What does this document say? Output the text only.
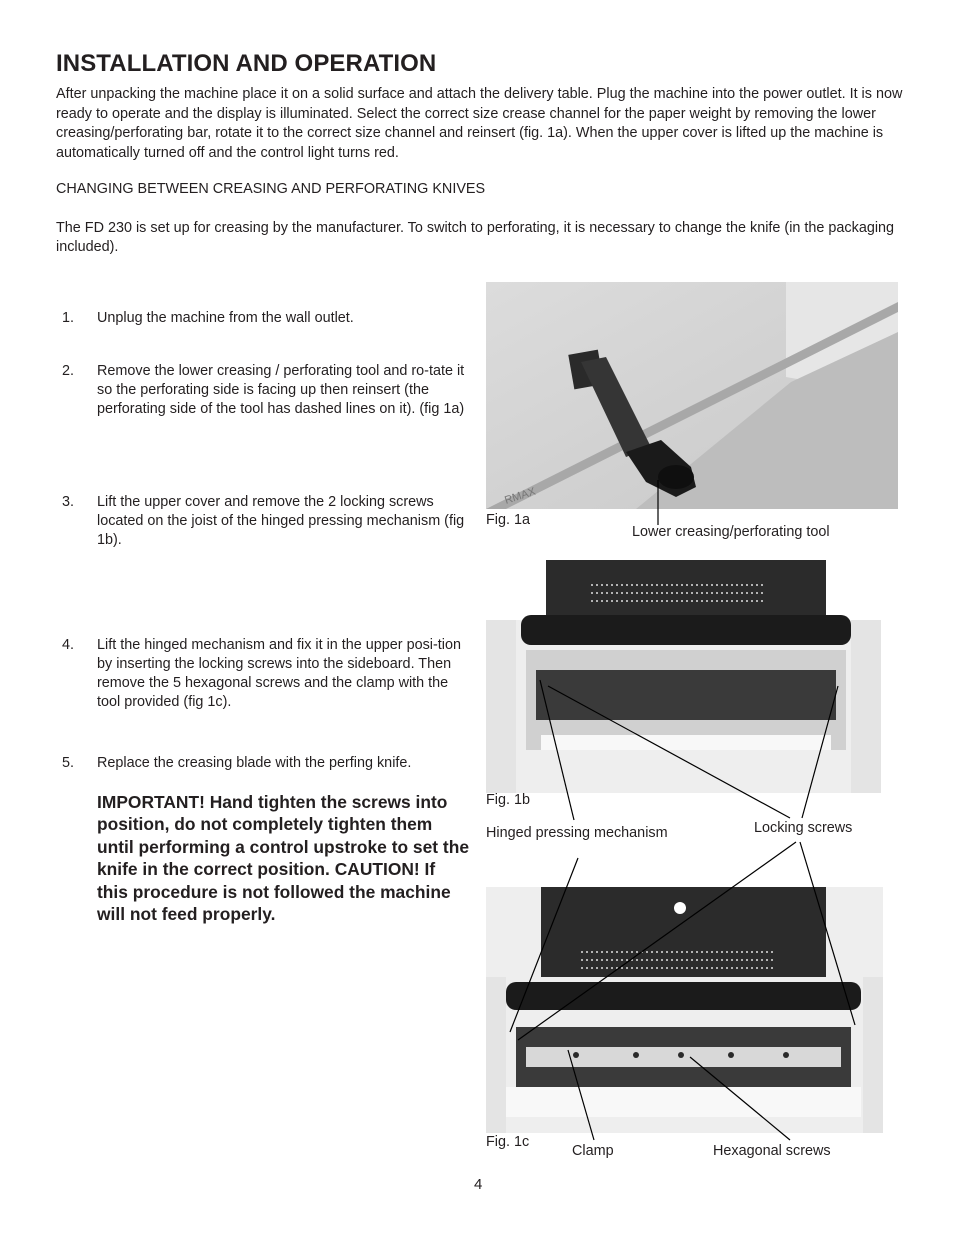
INSTALLATION AND OPERATION
After unpacking the machine place it on a solid surface and attach the delivery table. Plug the machine into the power outlet. It is now ready to operate and the display is illuminated. Select the correct size crease channel for the paper weight by removing the lower creasing/perforating bar, rotate it to the correct size channel and reinsert (fig. 1a). When the upper cover is lifted up the machine is automatically turned off and the control light turns red.
CHANGING BETWEEN CREASING AND PERFORATING KNIVES
The FD 230 is set up for creasing by the manufacturer. To switch to perforating, it is necessary to change the knife (in the packaging included).
1. Unplug the machine from the wall outlet.
2. Remove the lower creasing / perforating tool and ro-tate it so the perforating side is facing up then reinsert (the perforating side of the tool has dashed lines on it). (fig 1a)
3. Lift the upper cover and remove the 2 locking screws located on the joist of the hinged pressing mechanism (fig 1b).
4. Lift the hinged mechanism and fix it in the upper posi-tion by inserting the locking screws into the sideboard. Then remove the 5 hexagonal screws and the clamp with the tool provided (fig 1c).
5. Replace the creasing blade with the perfing knife.
IMPORTANT! Hand tighten the screws into position, do not completely tighten them until performing a control upstroke to set the knife in the correct position. CAUTION! If this procedure is not followed the machine will not feed properly.
RMAX
Fig. 1a
Lower creasing/perforating tool
Fig. 1b
Hinged pressing mechanism	Locking screws
Fig. 1c
Clamp	Hexagonal screws
4
